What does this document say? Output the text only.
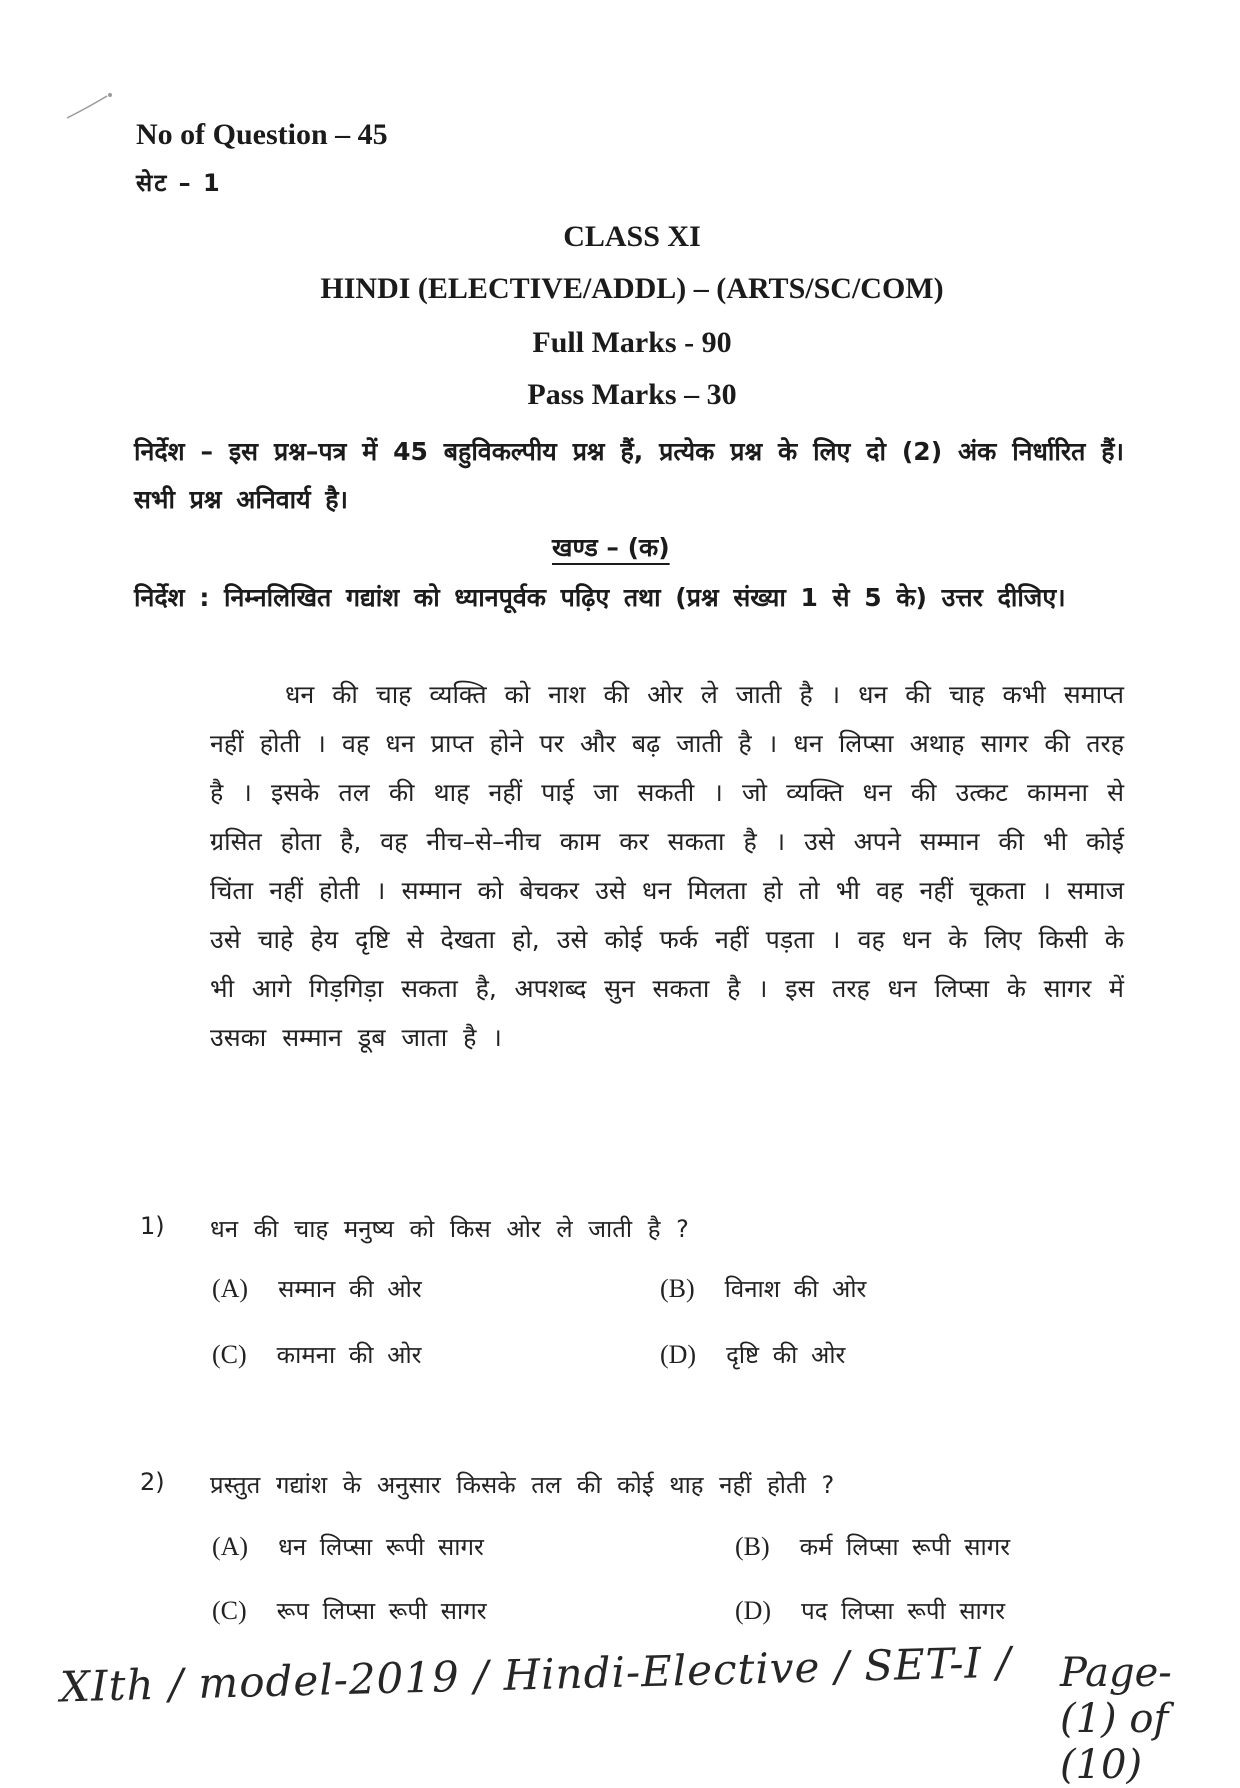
No of Question – 45
सेट – 1
CLASS XI
HINDI (ELECTIVE/ADDL) – (ARTS/SC/COM)
Full Marks - 90
Pass Marks – 30
निर्देश – इस प्रश्न–पत्र में 45 बहुविकल्पीय प्रश्न हैं, प्रत्येक प्रश्न के लिए दो (2) अंक निर्धारित हैं। सभी प्रश्न अनिवार्य है।
खण्ड – (क)
निर्देश : निम्नलिखित गद्यांश को ध्यानपूर्वक पढ़िए तथा (प्रश्न संख्या 1 से 5 के) उत्तर दीजिए।
धन की चाह व्यक्ति को नाश की ओर ले जाती है । धन की चाह कभी समाप्त नहीं होती । वह धन प्राप्त होने पर और बढ़ जाती है । धन लिप्सा अथाह सागर की तरह है । इसके तल की थाह नहीं पाई जा सकती । जो व्यक्ति धन की उत्कट कामना से ग्रसित होता है, वह नीच–से–नीच काम कर सकता है । उसे अपने सम्मान की भी कोई चिंता नहीं होती । सम्मान को बेचकर उसे धन मिलता हो तो भी वह नहीं चूकता । समाज उसे चाहे हेय दृष्टि से देखता हो, उसे कोई फर्क नहीं पड़ता । वह धन के लिए किसी के भी आगे गिड़गिड़ा सकता है, अपशब्द सुन सकता है । इस तरह धन लिप्सा के सागर में उसका सम्मान डूब जाता है ।
1) धन की चाह मनुष्य को किस ओर ले जाती है ?
(A) सम्मान की ओर	(B) विनाश की ओर
(C) कामना की ओर	(D) दृष्टि की ओर
2) प्रस्तुत गद्यांश के अनुसार किसके तल की कोई थाह नहीं होती ?
(A) धन लिप्सा रूपी सागर	(B) कर्म लिप्सा रूपी सागर
(C) रूप लिप्सा रूपी सागर	(D) पद लिप्सा रूपी सागर
XIth / model-2019 / Hindi-Elective / SET-I / Page-(1) of (10)
